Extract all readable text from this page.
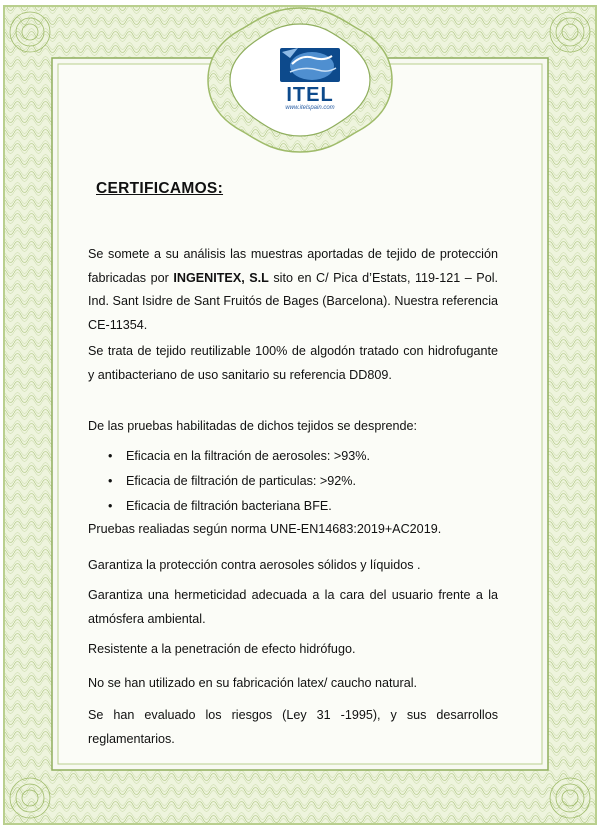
ITEL
www.itelspain.com
CERTIFICAMOS:
Se somete a su análisis las muestras aportadas de tejido de protección fabricadas por INGENITEX, S.L sito en C/ Pica d’Estats, 119-121 – Pol. Ind. Sant Isidre de Sant Fruitós de Bages (Barcelona). Nuestra referencia CE-11354.
Se trata de tejido reutilizable 100% de algodón tratado con hidrofugante y antibacteriano de uso sanitario su referencia DD809.
De las pruebas habilitadas de dichos tejidos se desprende:
• Eficacia en la filtración de aerosoles: >93%.
• Eficacia de filtración de particulas: >92%.
• Eficacia de filtración bacteriana BFE.
Pruebas realiadas según norma UNE-EN14683:2019+AC2019.
Garantiza la protección contra aerosoles sólidos y líquidos .
Garantiza una hermeticidad adecuada a la cara del usuario frente a la atmósfera ambiental.
Resistente a la penetración de efecto hidrófugo.
No se han utilizado en su fabricación latex/ caucho natural.
Se han evaluado los riesgos (Ley 31 -1995), y sus desarrollos reglamentarios.
